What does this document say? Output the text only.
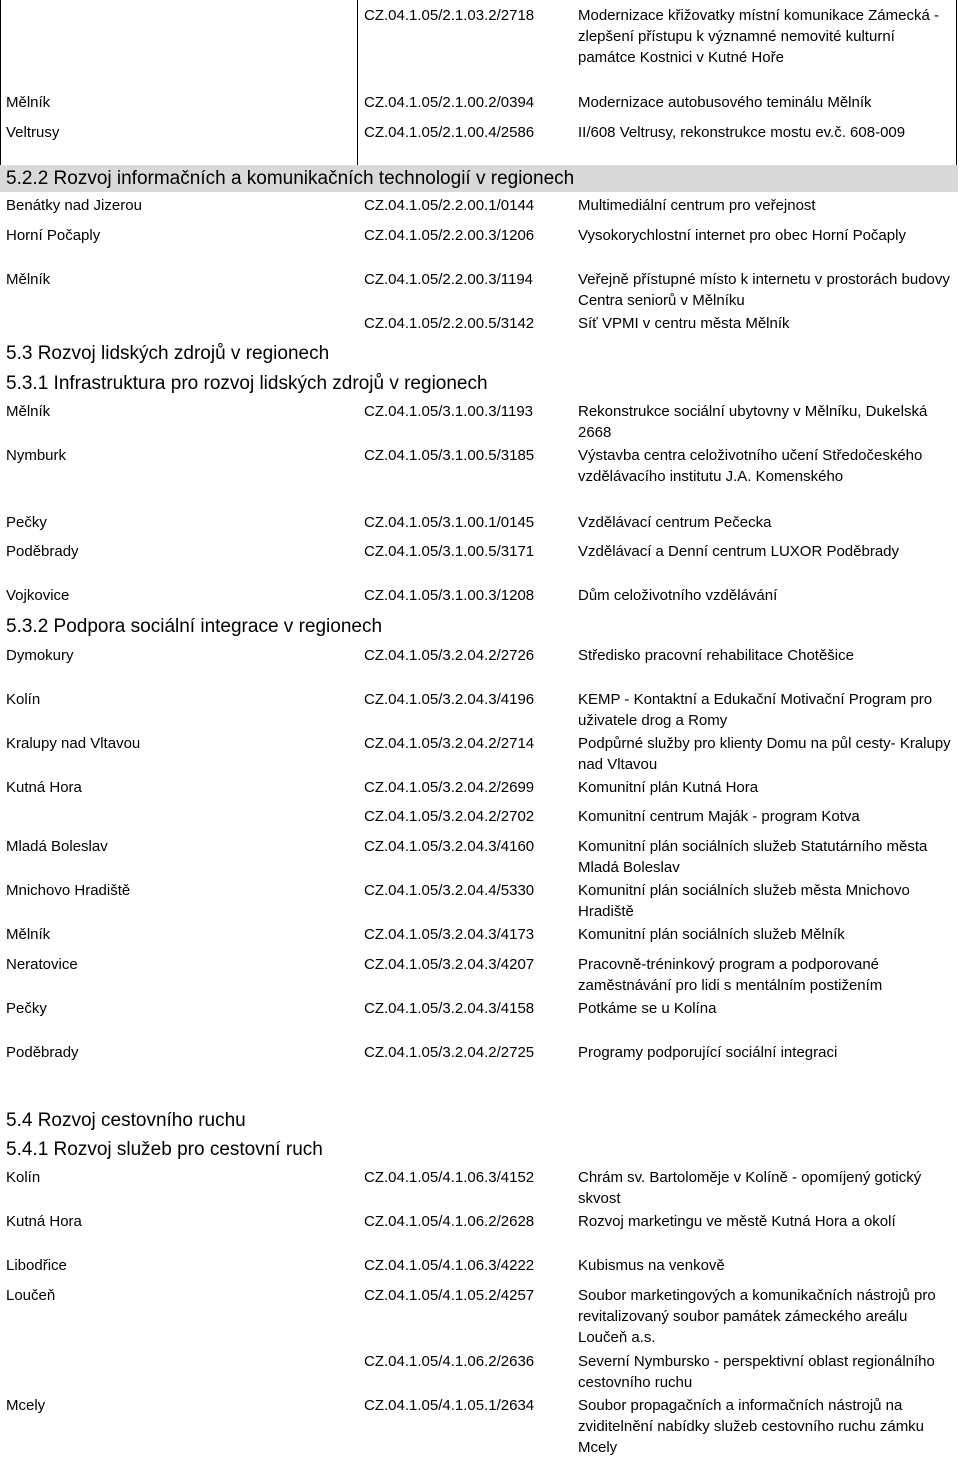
CZ.04.1.05/2.1.03.2/2718	Modernizace křižovatky místní komunikace Zámecká - zlepšení přístupu k významné nemovité kulturní památce Kostnici v Kutné Hoře
Mělník	CZ.04.1.05/2.1.00.2/0394	Modernizace autobusového teminálu Mělník
Veltrusy	CZ.04.1.05/2.1.00.4/2586	II/608 Veltrusy, rekonstrukce mostu ev.č. 608-009
5.2.2 Rozvoj informačních a komunikačních technologií v regionech
Benátky nad Jizerou	CZ.04.1.05/2.2.00.1/0144	Multimediální centrum pro veřejnost
Horní Počaply	CZ.04.1.05/2.2.00.3/1206	Vysokorychlostní internet pro obec Horní Počaply
Mělník	CZ.04.1.05/2.2.00.3/1194	Veřejně přístupné místo k internetu v prostorách budovy Centra seniorů v Mělníku
CZ.04.1.05/2.2.00.5/3142	Síť VPMI v centru města Mělník
5.3 Rozvoj lidských zdrojů v regionech
5.3.1 Infrastruktura pro rozvoj lidských zdrojů v regionech
Mělník	CZ.04.1.05/3.1.00.3/1193	Rekonstrukce sociální ubytovny v Mělníku, Dukelská 2668
Nymburk	CZ.04.1.05/3.1.00.5/3185	Výstavba centra celoživotního učení Středočeského vzdělávacího institutu J.A. Komenského
Pečky	CZ.04.1.05/3.1.00.1/0145	Vzdělávací centrum Pečecka
Poděbrady	CZ.04.1.05/3.1.00.5/3171	Vzdělávací a Denní centrum LUXOR Poděbrady
Vojkovice	CZ.04.1.05/3.1.00.3/1208	Dům celoživotního vzdělávání
5.3.2 Podpora sociální integrace v regionech
Dymokury	CZ.04.1.05/3.2.04.2/2726	Středisko pracovní rehabilitace Chotěšice
Kolín	CZ.04.1.05/3.2.04.3/4196	KEMP - Kontaktní a Edukační Motivační Program pro uživatele drog a Romy
Kralupy nad Vltavou	CZ.04.1.05/3.2.04.2/2714	Podpůrné služby pro klienty Domu na půl cesty- Kralupy nad Vltavou
Kutná Hora	CZ.04.1.05/3.2.04.2/2699	Komunitní plán Kutná Hora
CZ.04.1.05/3.2.04.2/2702	Komunitní centrum Maják - program Kotva
Mladá Boleslav	CZ.04.1.05/3.2.04.3/4160	Komunitní plán sociálních služeb Statutárního města Mladá Boleslav
Mnichovo Hradiště	CZ.04.1.05/3.2.04.4/5330	Komunitní plán sociálních služeb města Mnichovo Hradiště
Mělník	CZ.04.1.05/3.2.04.3/4173	Komunitní plán sociálních služeb Mělník
Neratovice	CZ.04.1.05/3.2.04.3/4207	Pracovně-tréninkový program a podporované zaměstnávání pro lidi s mentálním postižením
Pečky	CZ.04.1.05/3.2.04.3/4158	Potkáme se u Kolína
Poděbrady	CZ.04.1.05/3.2.04.2/2725	Programy podporující sociální integraci
5.4 Rozvoj cestovního ruchu
5.4.1 Rozvoj služeb pro cestovní ruch
Kolín	CZ.04.1.05/4.1.06.3/4152	Chrám sv. Bartoloměje v Kolíně - opomíjený gotický skvost
Kutná Hora	CZ.04.1.05/4.1.06.2/2628	Rozvoj marketingu ve městě Kutná Hora a okolí
Libodřice	CZ.04.1.05/4.1.06.3/4222	Kubismus na venkově
Loučeň	CZ.04.1.05/4.1.05.2/4257	Soubor marketingových a komunikačních nástrojů pro revitalizovaný soubor památek zámeckého areálu Loučeň a.s.
CZ.04.1.05/4.1.06.2/2636	Severní Nymbursko - perspektivní oblast regionálního cestovního ruchu
Mcely	CZ.04.1.05/4.1.05.1/2634	Soubor propagačních a informačních nástrojů na zviditelnění nabídky služeb cestovního ruchu zámku Mcely
